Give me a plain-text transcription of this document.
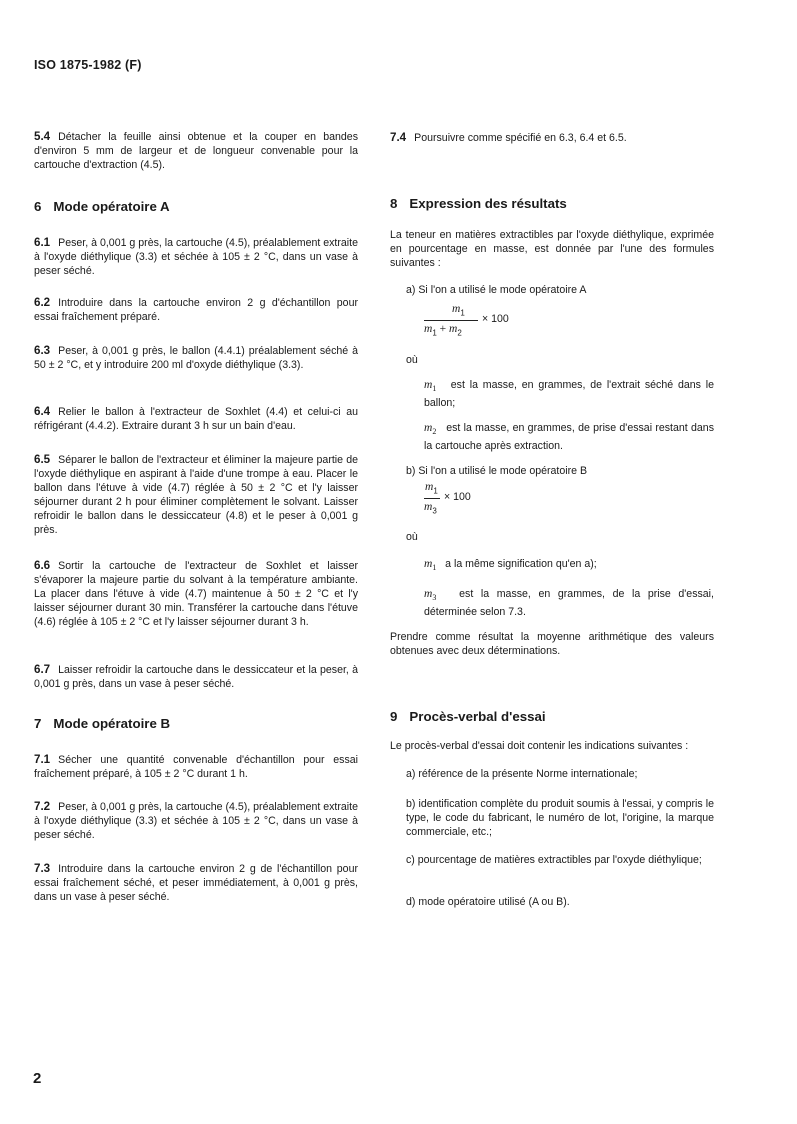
ISO 1875-1982 (F)

5.4 Détacher la feuille ainsi obtenue et la couper en bandes d'environ 5 mm de largeur et de longueur convenable pour la cartouche d'extraction (4.5).

6 Mode opératoire A

6.1 Peser, à 0,001 g près, la cartouche (4.5), préalablement extraite à l'oxyde diéthylique (3.3) et séchée à 105 ± 2 °C, dans un vase à peser séché.

6.2 Introduire dans la cartouche environ 2 g d'échantillon pour essai fraîchement préparé.

6.3 Peser, à 0,001 g près, le ballon (4.4.1) préalablement séché à 50 ± 2 °C, et y introduire 200 ml d'oxyde diéthylique (3.3).

6.4 Relier le ballon à l'extracteur de Soxhlet (4.4) et celui-ci au réfrigérant (4.4.2). Extraire durant 3 h sur un bain d'eau.

6.5 Séparer le ballon de l'extracteur et éliminer la majeure partie de l'oxyde diéthylique en aspirant à l'aide d'une trompe à eau. Placer le ballon dans l'étuve à vide (4.7) réglée à 50 ± 2 °C et l'y laisser séjourner durant 2 h pour éliminer complètement le solvant. Laisser refroidir le ballon dans le dessiccateur (4.8) et le peser à 0,001 g près.

6.6 Sortir la cartouche de l'extracteur de Soxhlet et laisser s'évaporer la majeure partie du solvant à la température ambiante. La placer dans l'étuve à vide (4.7) maintenue à 50 ± 2 °C et l'y laisser séjourner durant 30 min. Transférer la cartouche dans l'étuve (4.6) réglée à 105 ± 2 °C et l'y laisser séjourner durant 3 h.

6.7 Laisser refroidir la cartouche dans le dessiccateur et la peser, à 0,001 g près, dans un vase à peser séché.

7 Mode opératoire B

7.1 Sécher une quantité convenable d'échantillon pour essai fraîchement préparé, à 105 ± 2 °C durant 1 h.

7.2 Peser, à 0,001 g près, la cartouche (4.5), préalablement extraite à l'oxyde diéthylique (3.3) et séchée à 105 ± 2 °C, dans un vase à peser séché.

7.3 Introduire dans la cartouche environ 2 g de l'échantillon pour essai fraîchement séché, et peser immédiatement, à 0,001 g près, dans un vase à peser séché.

7.4 Poursuivre comme spécifié en 6.3, 6.4 et 6.5.

8 Expression des résultats

La teneur en matières extractibles par l'oxyde diéthylique, exprimée en pourcentage en masse, est donnée par l'une des formules suivantes :

a) Si l'on a utilisé le mode opératoire A

$m_1$
$m_1 + m_2$
× 100

où

$m_1$ est la masse, en grammes, de l'extrait séché dans le ballon;

$m_2$ est la masse, en grammes, de prise d'essai restant dans la cartouche après extraction.

b) Si l'on a utilisé le mode opératoire B

$m_1$
$m_3$
× 100

où

$m_1$ a la même signification qu'en a);

$m_3$ est la masse, en grammes, de la prise d'essai, déterminée selon 7.3.

Prendre comme résultat la moyenne arithmétique des valeurs obtenues avec deux déterminations.

9 Procès-verbal d'essai

Le procès-verbal d'essai doit contenir les indications suivantes :

a) référence de la présente Norme internationale;

b) identification complète du produit soumis à l'essai, y compris le type, le code du fabricant, le numéro de lot, l'origine, la marque commerciale, etc.;

c) pourcentage de matières extractibles par l'oxyde diéthylique;

d) mode opératoire utilisé (A ou B).

2
